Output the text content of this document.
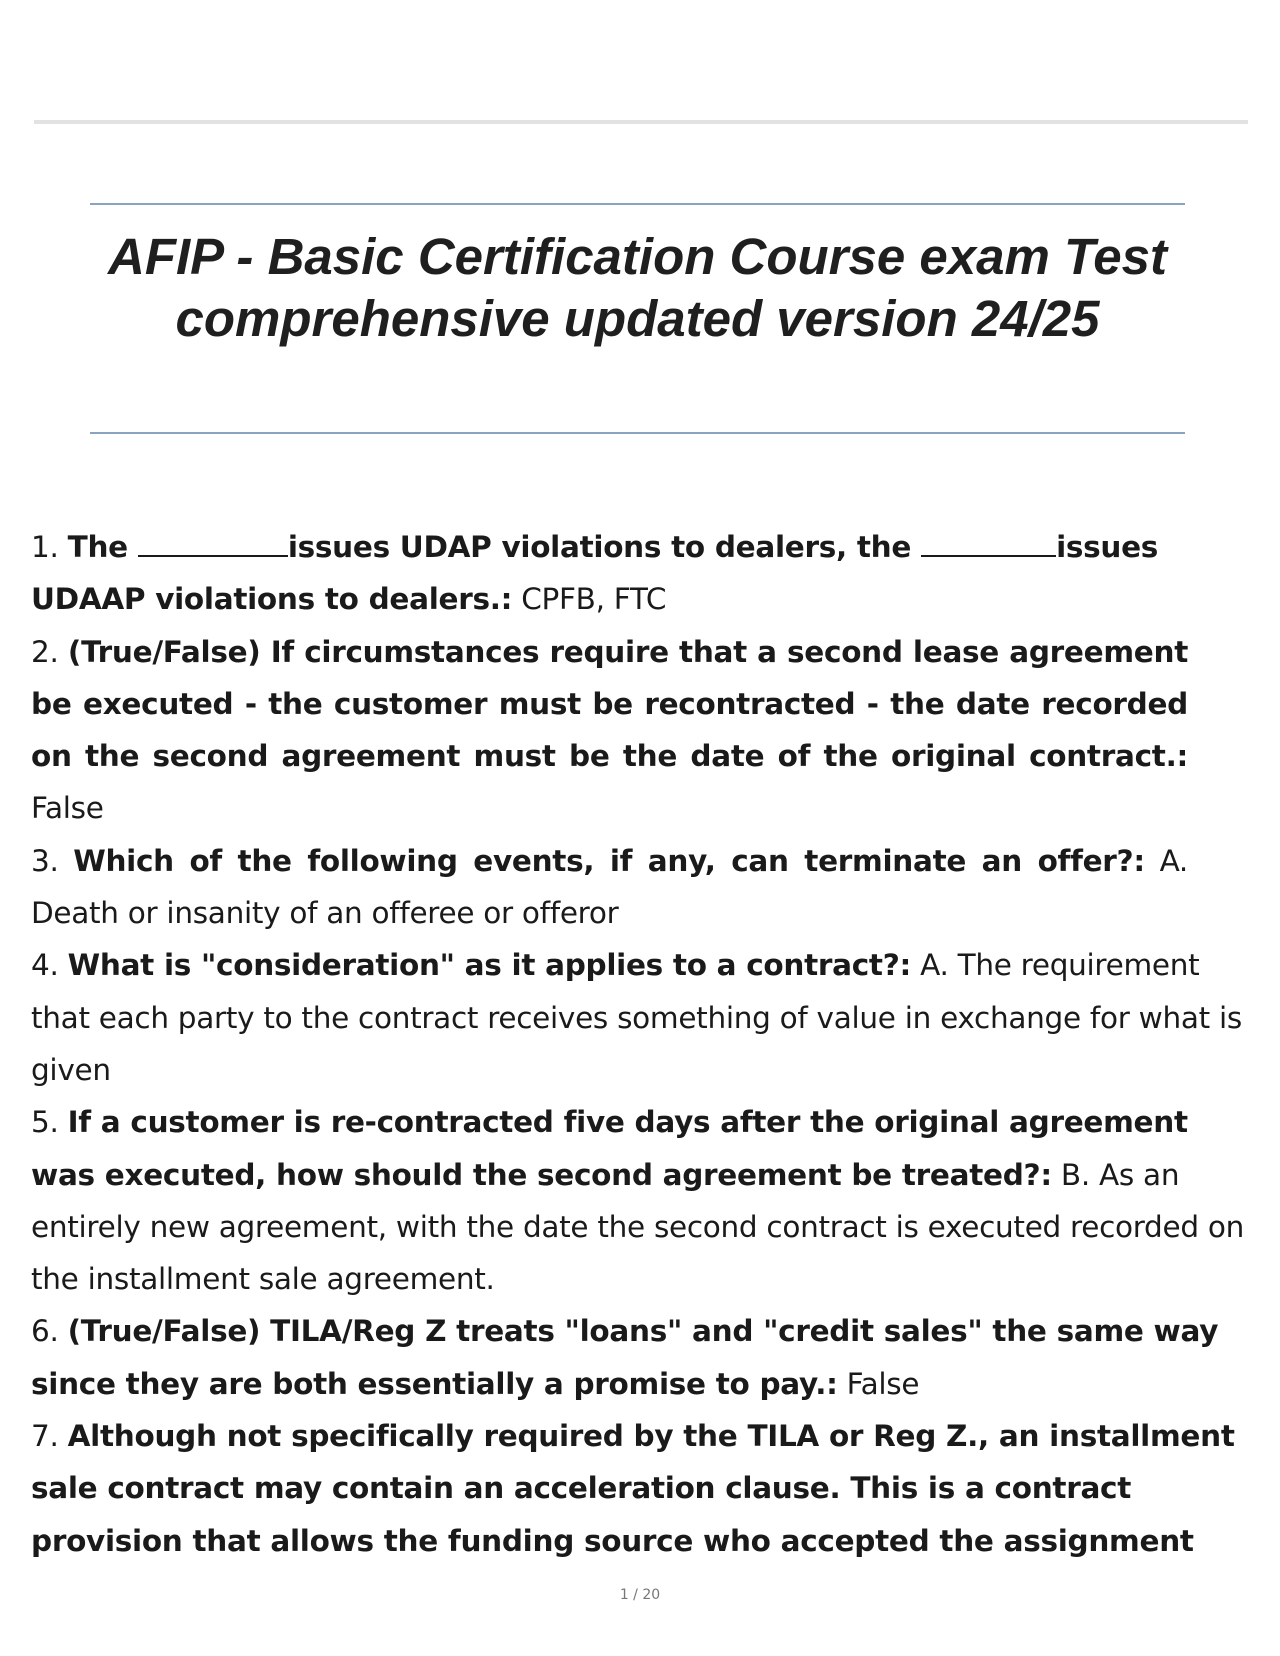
AFIP - Basic Certification Course exam Test comprehensive updated version 24/25

1. The	issues UDAP violations to dealers, the	issues UDAAP violations to dealers.: CPFB, FTC

2. (True/False) If circumstances require that a second lease agreement be executed - the customer must be recontracted - the date recorded on the second agreement must be the date of the original contract.: False

3. Which of the following events, if any, can terminate an offer?: A. Death or insanity of an offeree or offeror

4. What is "consideration" as it applies to a contract?: A. The requirement that each party to the contract receives something of value in exchange for what is given

5. If a customer is re-contracted five days after the original agreement was executed, how should the second agreement be treated?: B. As an entirely new agreement, with the date the second contract is executed recorded on the installment sale agreement.

6. (True/False) TILA/Reg Z treats "loans" and "credit sales" the same way since they are both essentially a promise to pay.: False

7. Although not specifically required by the TILA or Reg Z., an installment sale contract may contain an acceleration clause. This is a contract provision that allows the funding source who accepted the assignment

1 / 20
